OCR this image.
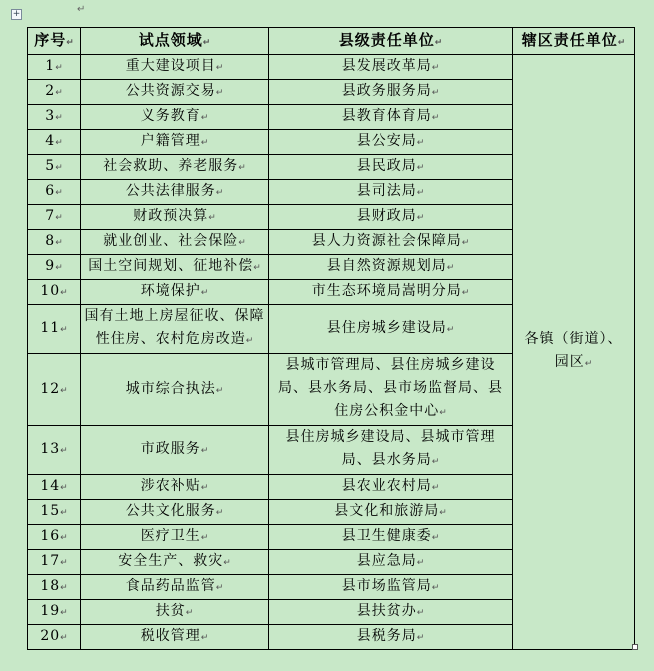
+	↵
序号↵	试点领域↵	县级责任单位↵	辖区责任单位↵
1↵	重大建设项目↵	县发展改革局↵	各镇（街道）、园区↵
2↵	公共资源交易↵	县政务服务局↵	
3↵	义务教育↵	县教育体育局↵	
4↵	户籍管理↵	县公安局↵	
5↵	社会救助、养老服务↵	县民政局↵	
6↵	公共法律服务↵	县司法局↵	
7↵	财政预决算↵	县财政局↵	
8↵	就业创业、社会保险↵	县人力资源社会保障局↵	
9↵	国土空间规划、征地补偿↵	县自然资源规划局↵	
10↵	环境保护↵	市生态环境局嵩明分局↵	
11↵	国有土地上房屋征收、保障性住房、农村危房改造↵	县住房城乡建设局↵	
12↵	城市综合执法↵	县城市管理局、县住房城乡建设局、县水务局、县市场监督局、县住房公积金中心↵	
13↵	市政服务↵	县住房城乡建设局、县城市管理局、县水务局↵	
14↵	涉农补贴↵	县农业农村局↵	
15↵	公共文化服务↵	县文化和旅游局↵	
16↵	医疗卫生↵	县卫生健康委↵	
17↵	安全生产、救灾↵	县应急局↵	
18↵	食品药品监管↵	县市场监管局↵	
19↵	扶贫↵	县扶贫办↵	
20↵	税收管理↵	县税务局↵	
